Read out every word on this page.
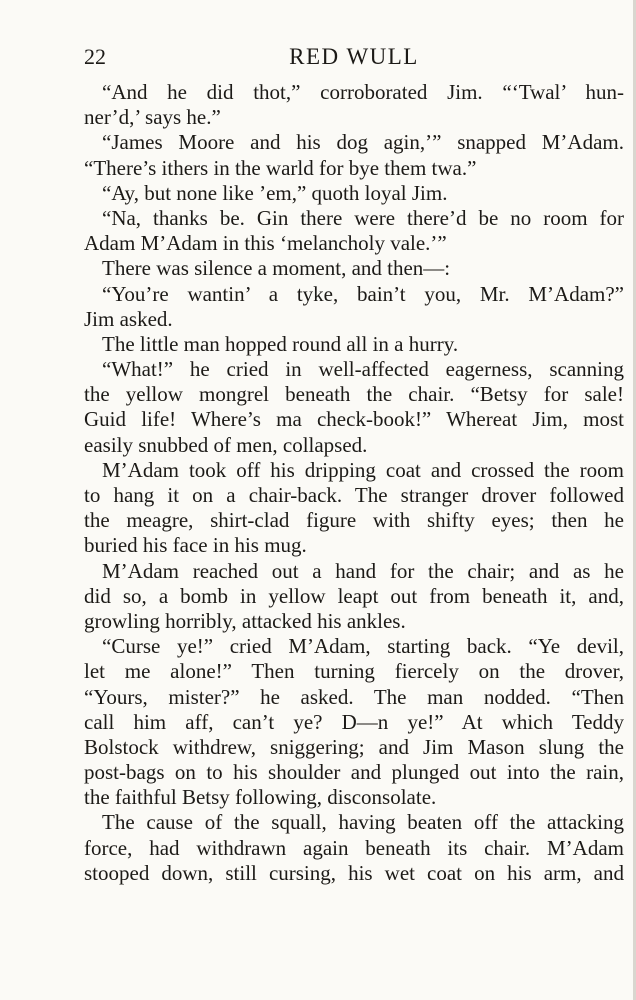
22	RED WULL
“And he did thot,” corroborated Jim. “‘Twal’ hun-
ner’d,’ says he.”
“James Moore and his dog agin,’” snapped M’Adam.
“There’s ithers in the warld for bye them twa.”
“Ay, but none like ’em,” quoth loyal Jim.
“Na, thanks be. Gin there were there’d be no room for
Adam M’Adam in this ‘melancholy vale.’”
There was silence a moment, and then—:
“You’re wantin’ a tyke, bain’t you, Mr. M’Adam?”
Jim asked.
The little man hopped round all in a hurry.
“What!” he cried in well-affected eagerness, scanning
the yellow mongrel beneath the chair. “Betsy for sale!
Guid life! Where’s ma check-book!” Whereat Jim, most
easily snubbed of men, collapsed.
M’Adam took off his dripping coat and crossed the room
to hang it on a chair-back. The stranger drover followed
the meagre, shirt-clad figure with shifty eyes; then he
buried his face in his mug.
M’Adam reached out a hand for the chair; and as he
did so, a bomb in yellow leapt out from beneath it, and,
growling horribly, attacked his ankles.
“Curse ye!” cried M’Adam, starting back. “Ye devil,
let me alone!” Then turning fiercely on the drover,
“Yours, mister?” he asked. The man nodded. “Then
call him aff, can’t ye? D—n ye!” At which Teddy
Bolstock withdrew, sniggering; and Jim Mason slung the
post-bags on to his shoulder and plunged out into the rain,
the faithful Betsy following, disconsolate.
The cause of the squall, having beaten off the attacking
force, had withdrawn again beneath its chair. M’Adam
stooped down, still cursing, his wet coat on his arm, and
